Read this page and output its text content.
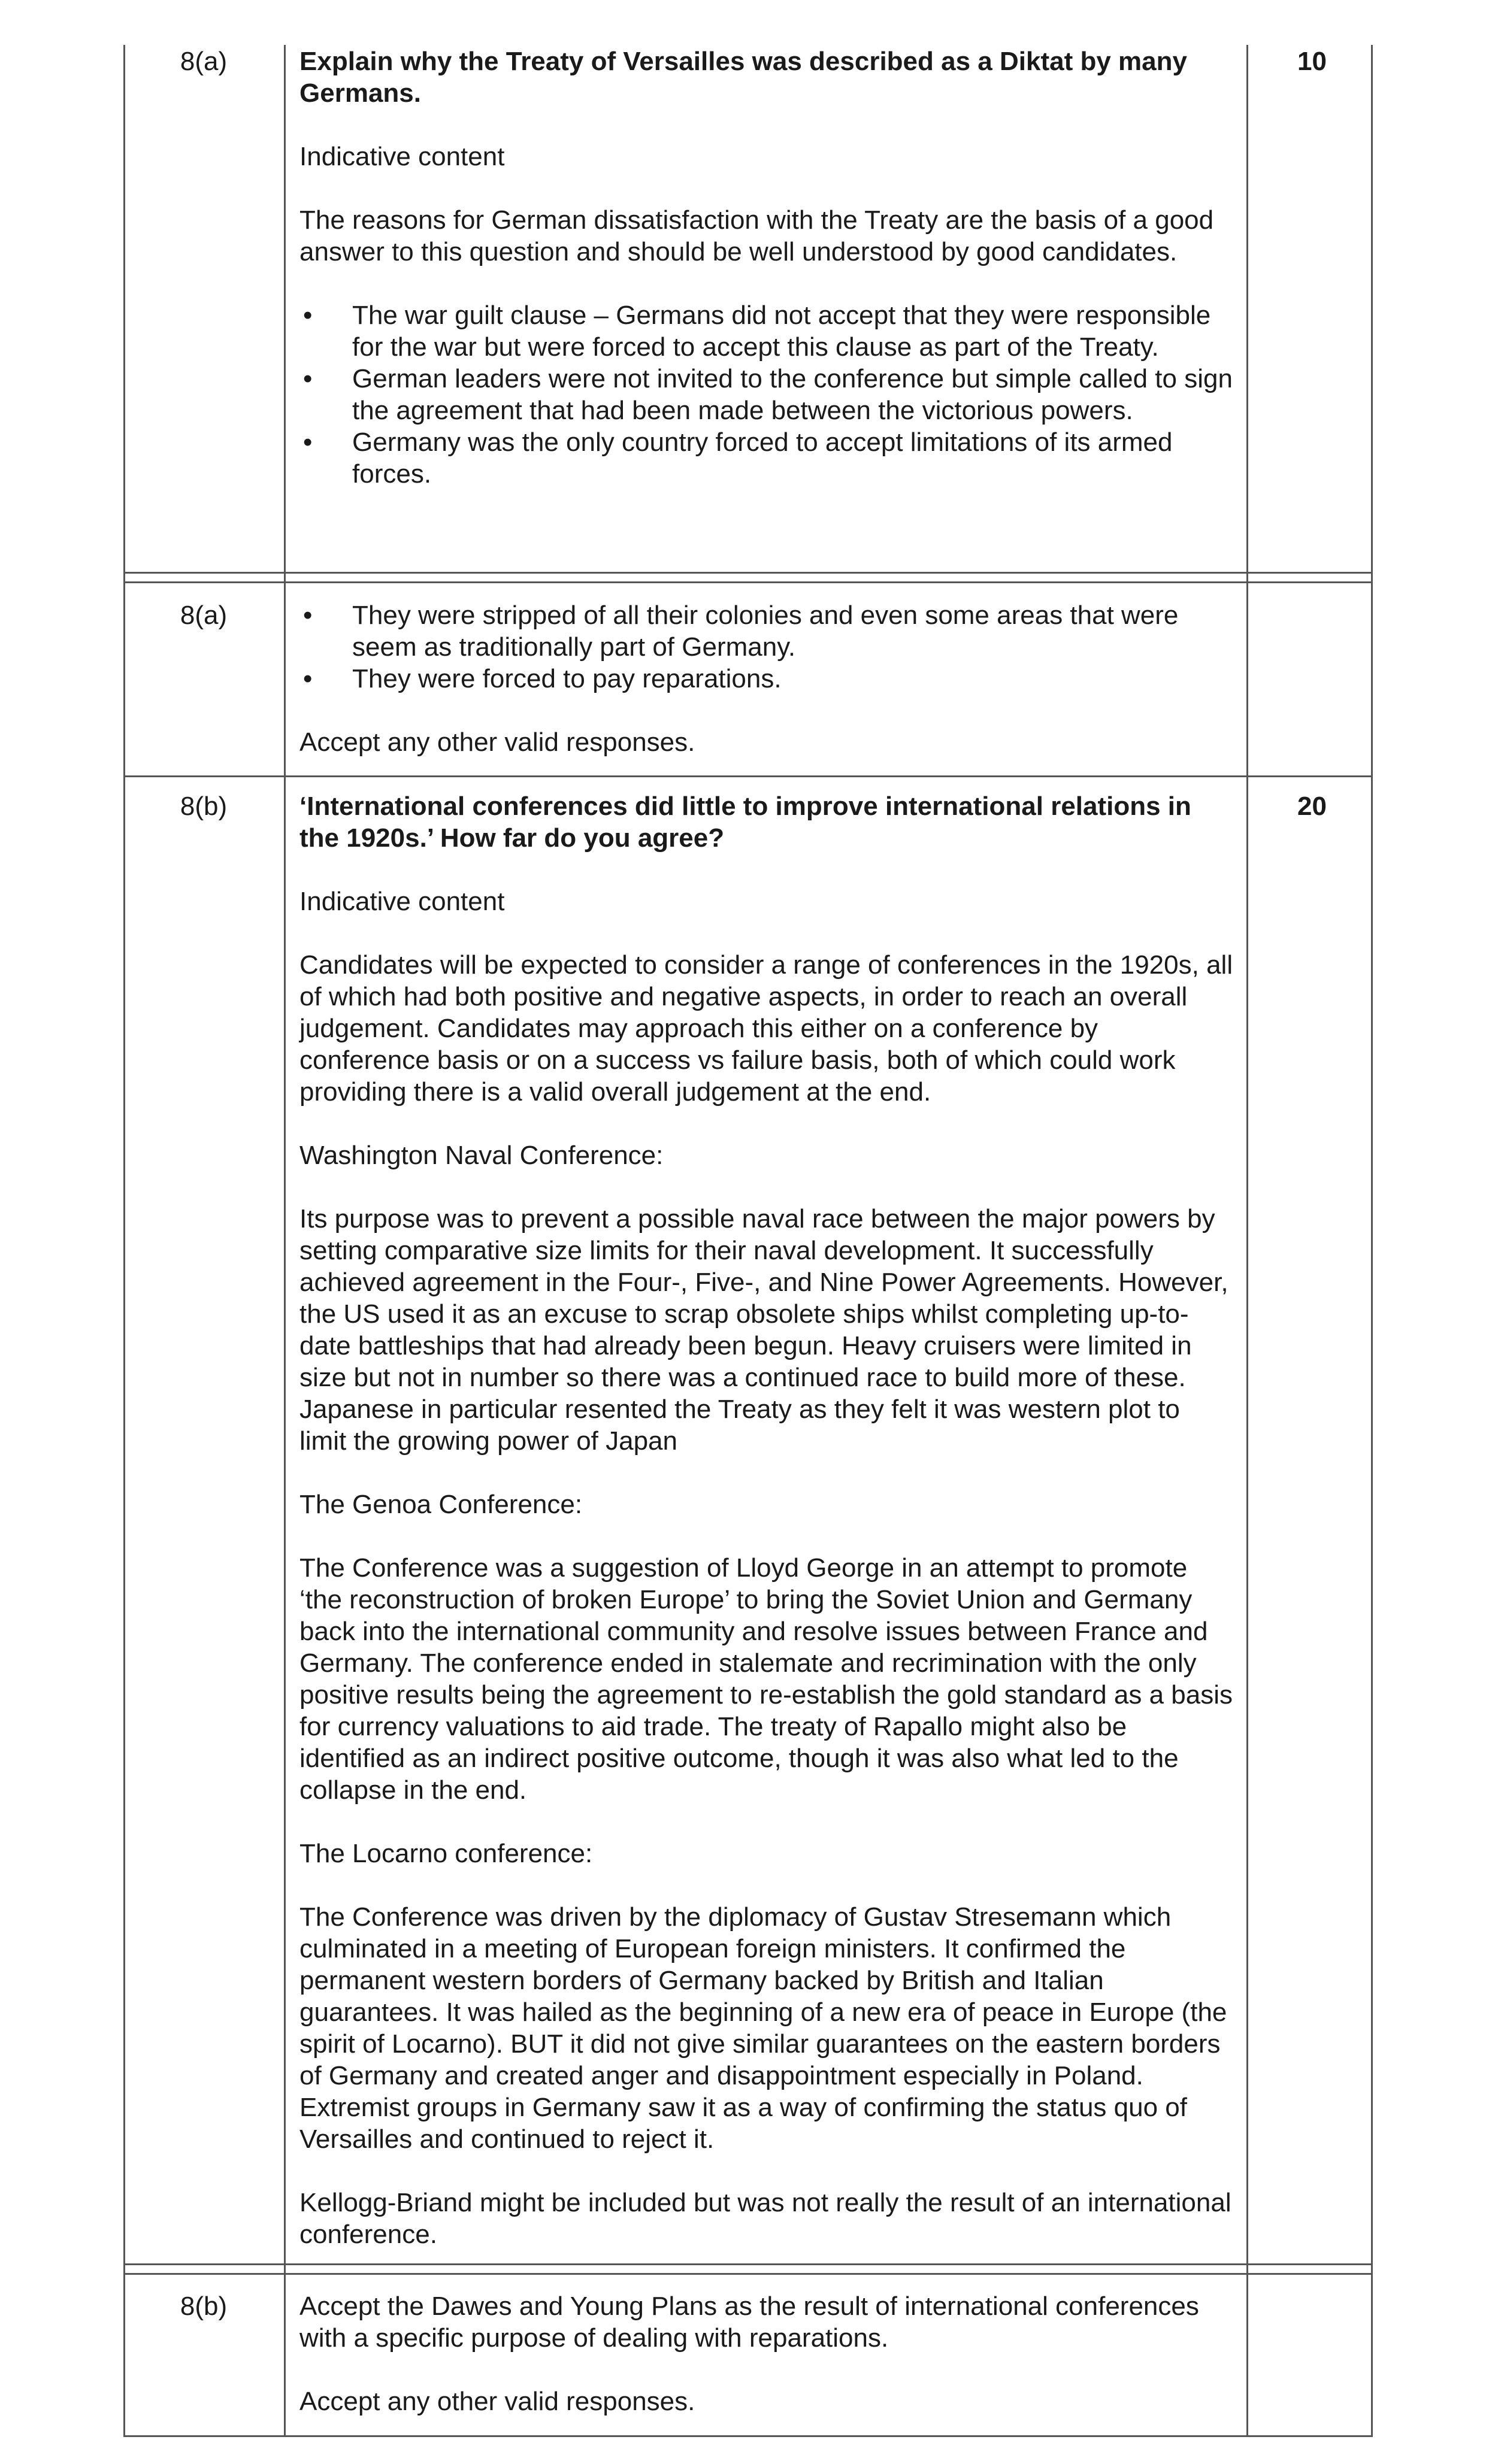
8(a)	10

Explain why the Treaty of Versailles was described as a Diktat by many Germans.

Indicative content

The reasons for German dissatisfaction with the Treaty are the basis of a good answer to this question and should be well understood by good candidates.

• The war guilt clause – Germans did not accept that they were responsible for the war but were forced to accept this clause as part of the Treaty.
• German leaders were not invited to the conference but simple called to sign the agreement that had been made between the victorious powers.
• Germany was the only country forced to accept limitations of its armed forces.
8(a)
•	They were stripped of all their colonies and even some areas that were seem as traditionally part of Germany.
• They were forced to pay reparations.

Accept any other valid responses.

8(b)	20

‘International conferences did little to improve international relations in the 1920s.’ How far do you agree?

Indicative content

Candidates will be expected to consider a range of conferences in the 1920s, all of which had both positive and negative aspects, in order to reach an overall judgement. Candidates may approach this either on a conference by conference basis or on a success vs failure basis, both of which could work providing there is a valid overall judgement at the end.

Washington Naval Conference:

Its purpose was to prevent a possible naval race between the major powers by setting comparative size limits for their naval development. It successfully achieved agreement in the Four-, Five-, and Nine Power Agreements. However, the US used it as an excuse to scrap obsolete ships whilst completing up-to-date battleships that had already been begun. Heavy cruisers were limited in size but not in number so there was a continued race to build more of these. Japanese in particular resented the Treaty as they felt it was western plot to limit the growing power of Japan

The Genoa Conference:

The Conference was a suggestion of Lloyd George in an attempt to promote ‘the reconstruction of broken Europe’ to bring the Soviet Union and Germany back into the international community and resolve issues between France and Germany. The conference ended in stalemate and recrimination with the only positive results being the agreement to re-establish the gold standard as a basis for currency valuations to aid trade. The treaty of Rapallo might also be identified as an indirect positive outcome, though it was also what led to the collapse in the end.

The Locarno conference:

The Conference was driven by the diplomacy of Gustav Stresemann which culminated in a meeting of European foreign ministers. It confirmed the permanent western borders of Germany backed by British and Italian guarantees. It was hailed as the beginning of a new era of peace in Europe (the spirit of Locarno). BUT it did not give similar guarantees on the eastern borders of Germany and created anger and disappointment especially in Poland. Extremist groups in Germany saw it as a way of confirming the status quo of Versailles and continued to reject it.

Kellogg-Briand might be included but was not really the result of an international conference.

8(b)	Accept the Dawes and Young Plans as the result of international conferences with a specific purpose of dealing with reparations.

Accept any other valid responses.
